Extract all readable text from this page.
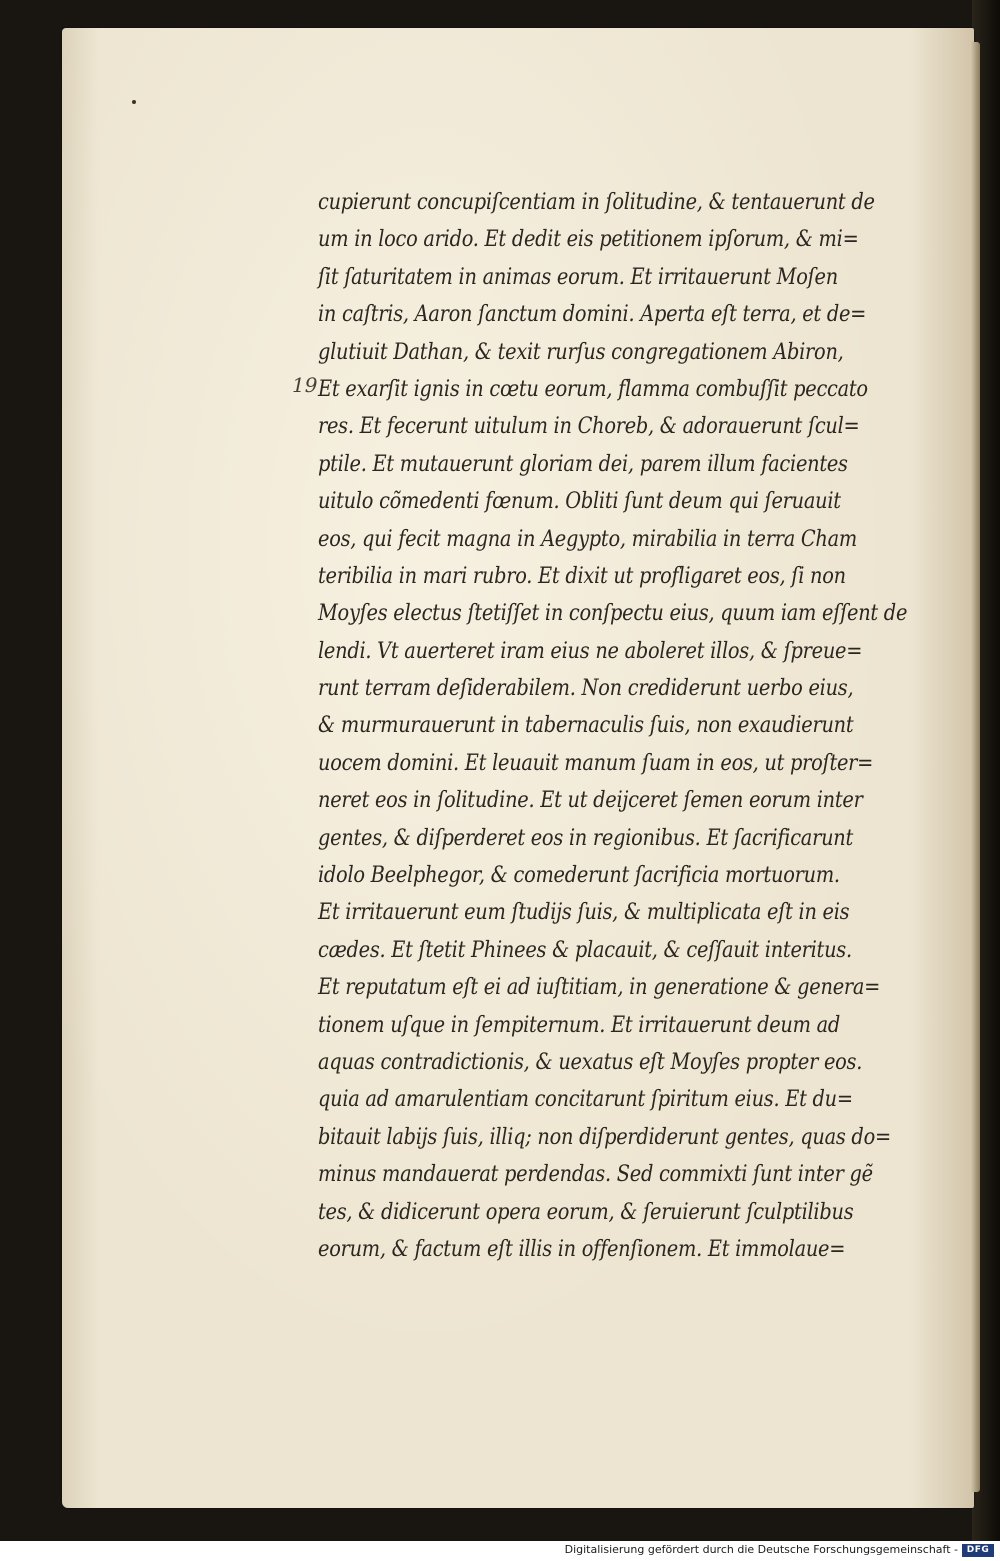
19
cupierunt concupiſcentiam in ſolitudine, & tentauerunt de
um in loco arido. Et dedit eis petitionem ipſorum, & mi=
ſit ſaturitatem in animas eorum. Et irritauerunt Moſen
in caſtris, Aaron ſanctum domini. Aperta eſt terra, et de=
glutiuit Dathan, & texit rurſus congregationem Abiron,
Et exarſit ignis in cœtu eorum, flamma combuſſit peccato
res. Et fecerunt uitulum in Choreb, & adorauerunt ſcul=
ptile. Et mutauerunt gloriam dei, parem illum facientes
uitulo cõmedenti fœnum. Obliti ſunt deum qui ſeruauit
eos, qui fecit magna in Aegypto, mirabilia in terra Cham
teribilia in mari rubro. Et dixit ut profligaret eos, ſi non
Moyſes electus ſtetiſſet in conſpectu eius, quum iam eſſent de
lendi. Vt auerteret iram eius ne aboleret illos, & ſpreue=
runt terram deſiderabilem. Non crediderunt uerbo eius,
& murmurauerunt in tabernaculis ſuis, non exaudierunt
uocem domini. Et leuauit manum ſuam in eos, ut proſter=
neret eos in ſolitudine. Et ut deijceret ſemen eorum inter
gentes, & diſperderet eos in regionibus. Et ſacrificarunt
idolo Beelphegor, & comederunt ſacrificia mortuorum.
Et irritauerunt eum ſtudijs ſuis, & multiplicata eſt in eis
cædes. Et ſtetit Phinees & placauit, & ceſſauit interitus.
Et reputatum eſt ei ad iuſtitiam, in generatione & genera=
tionem uſque in ſempiternum. Et irritauerunt deum ad
aquas contradictionis, & uexatus eſt Moyſes propter eos.
quia ad amarulentiam concitarunt ſpiritum eius. Et du=
bitauit labijs ſuis, illiq; non diſperdiderunt gentes, quas do=
minus mandauerat perdendas. Sed commixti ſunt inter gẽ
tes, & didicerunt opera eorum, & ſeruierunt ſculptilibus
eorum, & factum eſt illis in offenſionem. Et immolaue=
Digitalisierung gefördert durch die Deutsche Forschungsgemeinschaft - DFG
